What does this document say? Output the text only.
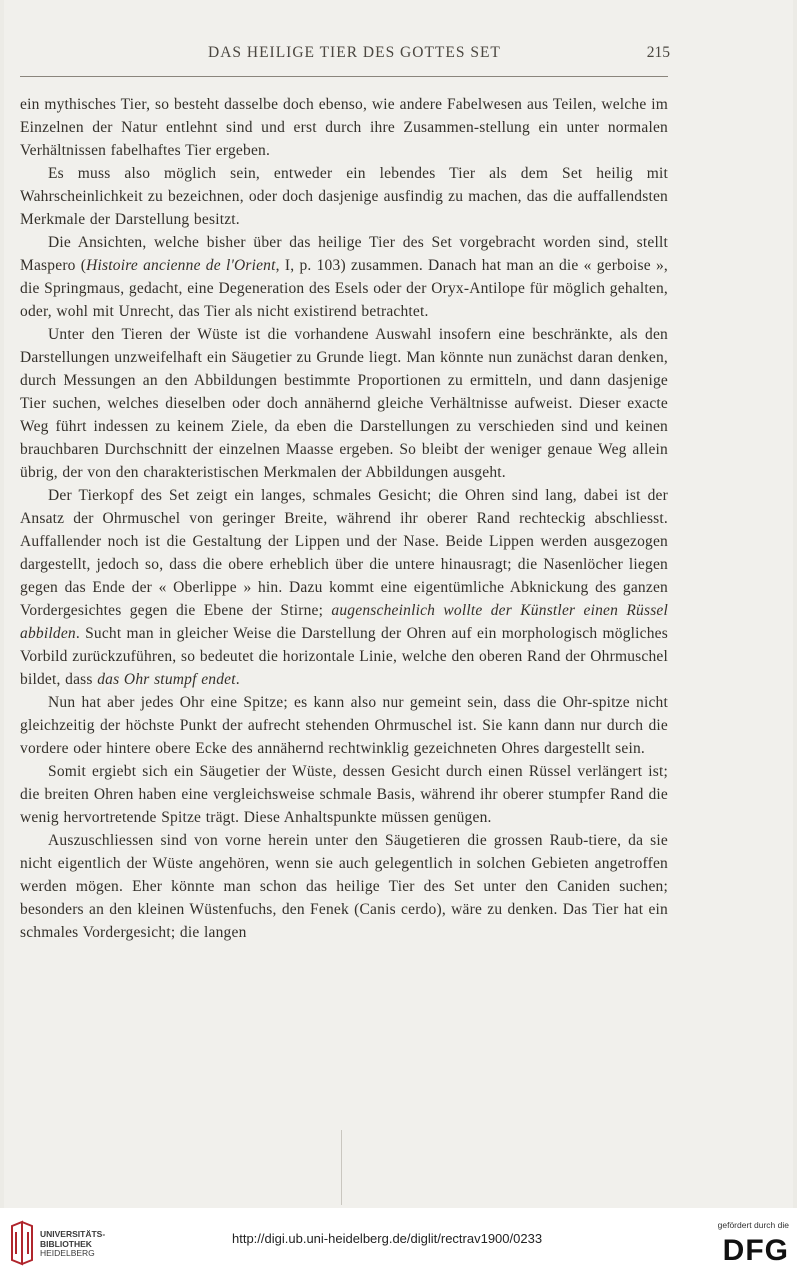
DAS HEILIGE TIER DES GOTTES SET	215

ein mythisches Tier, so besteht dasselbe doch ebenso, wie andere Fabelwesen aus Teilen, welche im Einzelnen der Natur entlehnt sind und erst durch ihre Zusammen-stellung ein unter normalen Verhältnissen fabelhaftes Tier ergeben.

Es muss also möglich sein, entweder ein lebendes Tier als dem Set heilig mit Wahrscheinlichkeit zu bezeichnen, oder doch dasjenige ausfindig zu machen, das die auffallendsten Merkmale der Darstellung besitzt.

Die Ansichten, welche bisher über das heilige Tier des Set vorgebracht worden sind, stellt Maspero (Histoire ancienne de l'Orient, I, p. 103) zusammen. Danach hat man an die « gerboise », die Springmaus, gedacht, eine Degeneration des Esels oder der Oryx-Antilope für möglich gehalten, oder, wohl mit Unrecht, das Tier als nicht existirend betrachtet.

Unter den Tieren der Wüste ist die vorhandene Auswahl insofern eine beschränkte, als den Darstellungen unzweifelhaft ein Säugetier zu Grunde liegt. Man könnte nun zunächst daran denken, durch Messungen an den Abbildungen bestimmte Proportionen zu ermitteln, und dann dasjenige Tier suchen, welches dieselben oder doch annähernd gleiche Verhältnisse aufweist. Dieser exacte Weg führt indessen zu keinem Ziele, da eben die Darstellungen zu verschieden sind und keinen brauchbaren Durchschnitt der einzelnen Maasse ergeben. So bleibt der weniger genaue Weg allein übrig, der von den charakteristischen Merkmalen der Abbildungen ausgeht.

Der Tierkopf des Set zeigt ein langes, schmales Gesicht; die Ohren sind lang, dabei ist der Ansatz der Ohrmuschel von geringer Breite, während ihr oberer Rand rechteckig abschliesst. Auffallender noch ist die Gestaltung der Lippen und der Nase. Beide Lippen werden ausgezogen dargestellt, jedoch so, dass die obere erheblich über die untere hinausragt; die Nasenlöcher liegen gegen das Ende der « Oberlippe » hin. Dazu kommt eine eigentümliche Abknickung des ganzen Vordergesichtes gegen die Ebene der Stirne; augenscheinlich wollte der Künstler einen Rüssel abbilden. Sucht man in gleicher Weise die Darstellung der Ohren auf ein morphologisch mögliches Vorbild zurückzuführen, so bedeutet die horizontale Linie, welche den oberen Rand der Ohrmuschel bildet, dass das Ohr stumpf endet.

Nun hat aber jedes Ohr eine Spitze; es kann also nur gemeint sein, dass die Ohr-spitze nicht gleichzeitig der höchste Punkt der aufrecht stehenden Ohrmuschel ist. Sie kann dann nur durch die vordere oder hintere obere Ecke des annähernd rechtwinklig gezeichneten Ohres dargestellt sein.

Somit ergiebt sich ein Säugetier der Wüste, dessen Gesicht durch einen Rüssel verlängert ist; die breiten Ohren haben eine vergleichsweise schmale Basis, während ihr oberer stumpfer Rand die wenig hervortretende Spitze trägt. Diese Anhaltspunkte müssen genügen.

Auszuschliessen sind von vorne herein unter den Säugetieren die grossen Raub-tiere, da sie nicht eigentlich der Wüste angehören, wenn sie auch gelegentlich in solchen Gebieten angetroffen werden mögen. Eher könnte man schon das heilige Tier des Set unter den Caniden suchen; besonders an den kleinen Wüstenfuchs, den Fenek (Canis cerdo), wäre zu denken. Das Tier hat ein schmales Vordergesicht; die langen

UNIVERSITÄTS-
BIBLIOTHEK
HEIDELBERG
http://digi.ub.uni-heidelberg.de/diglit/rectrav1900/0233
gefördert durch die
DFG
